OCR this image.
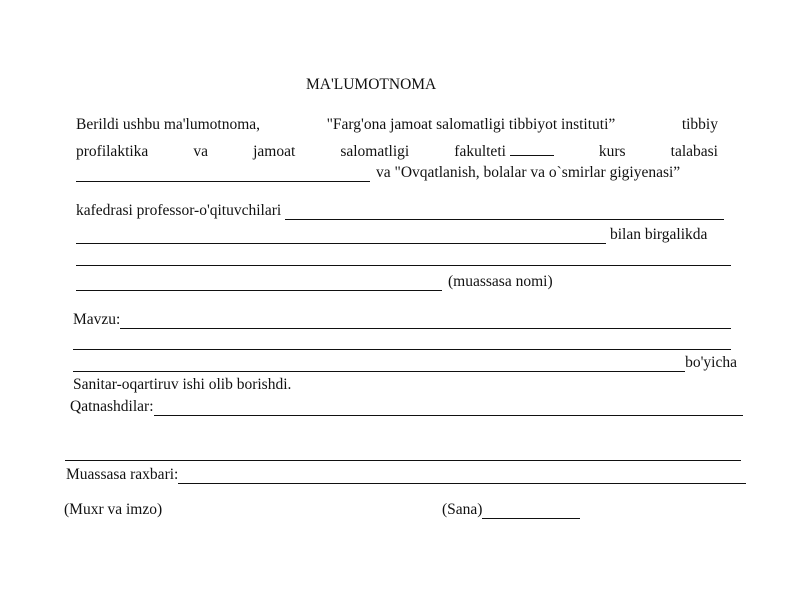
MA'LUMOTNOMA
Berildi ushbu ma'lumotnoma,	"Farg'ona jamoat salomatligi tibbiyot instituti”	tibbiy
profilaktika	va	jamoat	salomatligi	fakulteti	kurs	talabasi
va "Ovqatlanish, bolalar va o`smirlar gigiyenasi”
kafedrasi professor-o'qituvchilari
bilan birgalikda
(muassasa nomi)
Mavzu:
bo'yicha
Sanitar-oqartiruv ishi olib borishdi.
Qatnashdilar:
Muassasa raxbari:
(Muxr va imzo)	(Sana)
